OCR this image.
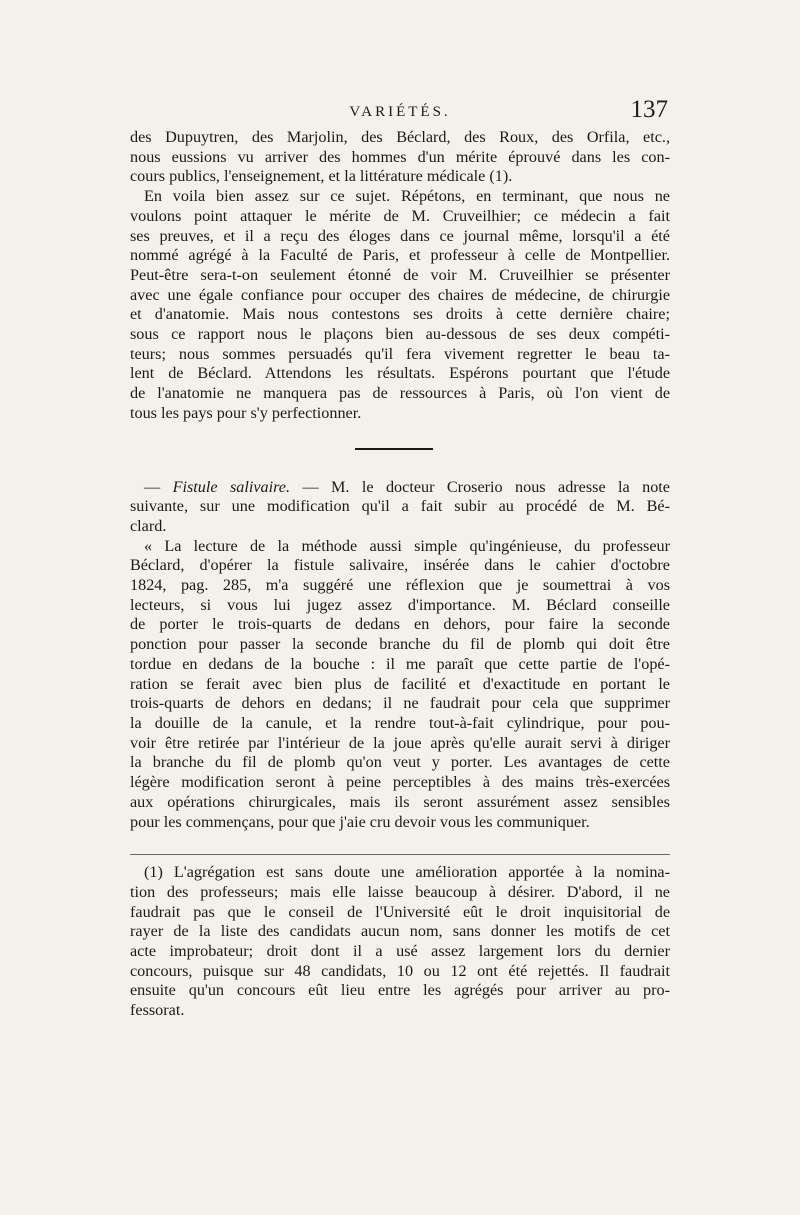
VARIÉTÉS.	137

des Dupuytren, des Marjolin, des Béclard, des Roux, des Orfila, etc.,

nous eussions vu arriver des hommes d'un mérite éprouvé dans les con-

cours publics, l'enseignement, et la littérature médicale (1).

En voila bien assez sur ce sujet. Répétons, en terminant, que nous ne

voulons point attaquer le mérite de M. Cruveilhier; ce médecin a fait

ses preuves, et il a reçu des éloges dans ce journal même, lorsqu'il a été

nommé agrégé à la Faculté de Paris, et professeur à celle de Montpellier.

Peut-être sera-t-on seulement étonné de voir M. Cruveilhier se présenter

avec une égale confiance pour occuper des chaires de médecine, de chirurgie

et d'anatomie. Mais nous contestons ses droits à cette dernière chaire;

sous ce rapport nous le plaçons bien au-dessous de ses deux compéti-

teurs; nous sommes persuadés qu'il fera vivement regretter le beau ta-

lent de Béclard. Attendons les résultats. Espérons pourtant que l'étude

de l'anatomie ne manquera pas de ressources à Paris, où l'on vient de

tous les pays pour s'y perfectionner.

— Fistule salivaire. — M. le docteur Croserio nous adresse la note

suivante, sur une modification qu'il a fait subir au procédé de M. Bé-

clard.

« La lecture de la méthode aussi simple qu'ingénieuse, du professeur

Béclard, d'opérer la fistule salivaire, insérée dans le cahier d'octobre

1824, pag. 285, m'a suggéré une réflexion que je soumettrai à vos

lecteurs, si vous lui jugez assez d'importance. M. Béclard conseille

de porter le trois-quarts de dedans en dehors, pour faire la seconde

ponction pour passer la seconde branche du fil de plomb qui doit être

tordue en dedans de la bouche : il me paraît que cette partie de l'opé-

ration se ferait avec bien plus de facilité et d'exactitude en portant le

trois-quarts de dehors en dedans; il ne faudrait pour cela que supprimer

la douille de la canule, et la rendre tout-à-fait cylindrique, pour pou-

voir être retirée par l'intérieur de la joue après qu'elle aurait servi à diriger

la branche du fil de plomb qu'on veut y porter. Les avantages de cette

légère modification seront à peine perceptibles à des mains très-exercées

aux opérations chirurgicales, mais ils seront assurément assez sensibles

pour les commençans, pour que j'aie cru devoir vous les communiquer.

(1) L'agrégation est sans doute une amélioration apportée à la nomina-

tion des professeurs; mais elle laisse beaucoup à désirer. D'abord, il ne

faudrait pas que le conseil de l'Université eût le droit inquisitorial de

rayer de la liste des candidats aucun nom, sans donner les motifs de cet

acte improbateur; droit dont il a usé assez largement lors du dernier

concours, puisque sur 48 candidats, 10 ou 12 ont été rejettés. Il faudrait

ensuite qu'un concours eût lieu entre les agrégés pour arriver au pro-

fessorat.
